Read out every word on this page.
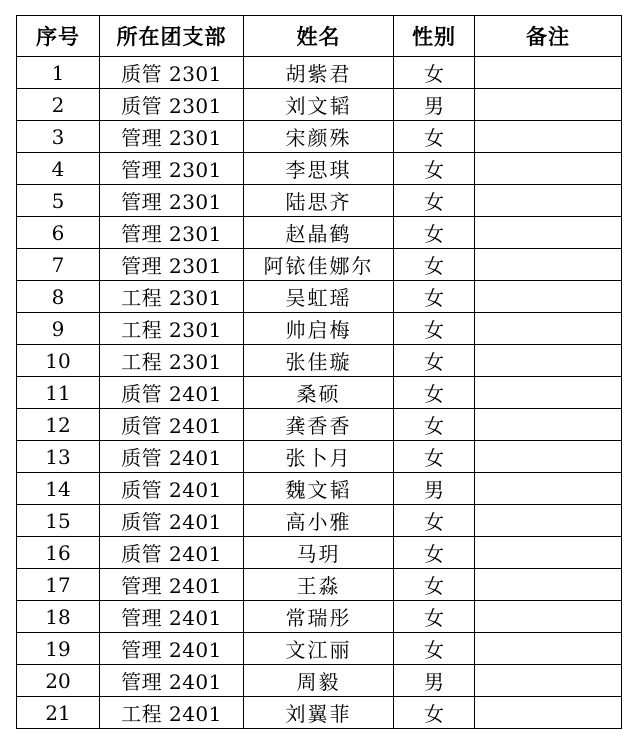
序号	所在团支部	姓名	性别	备注
1	质管 2301	胡紫君	女	
2	质管 2301	刘文韬	男	
3	管理 2301	宋颜殊	女	
4	管理 2301	李思琪	女	
5	管理 2301	陆思齐	女	
6	管理 2301	赵晶鹤	女	
7	管理 2301	阿铱佳娜尔	女	
8	工程 2301	吴虹瑶	女	
9	工程 2301	帅启梅	女	
10	工程 2301	张佳璇	女	
11	质管 2401	桑硕	女	
12	质管 2401	龚香香	女	
13	质管 2401	张卜月	女	
14	质管 2401	魏文韬	男	
15	质管 2401	高小雅	女	
16	质管 2401	马玥	女	
17	管理 2401	王淼	女	
18	管理 2401	常瑞彤	女	
19	管理 2401	文江丽	女	
20	管理 2401	周毅	男	
21	工程 2401	刘翼菲	女	
